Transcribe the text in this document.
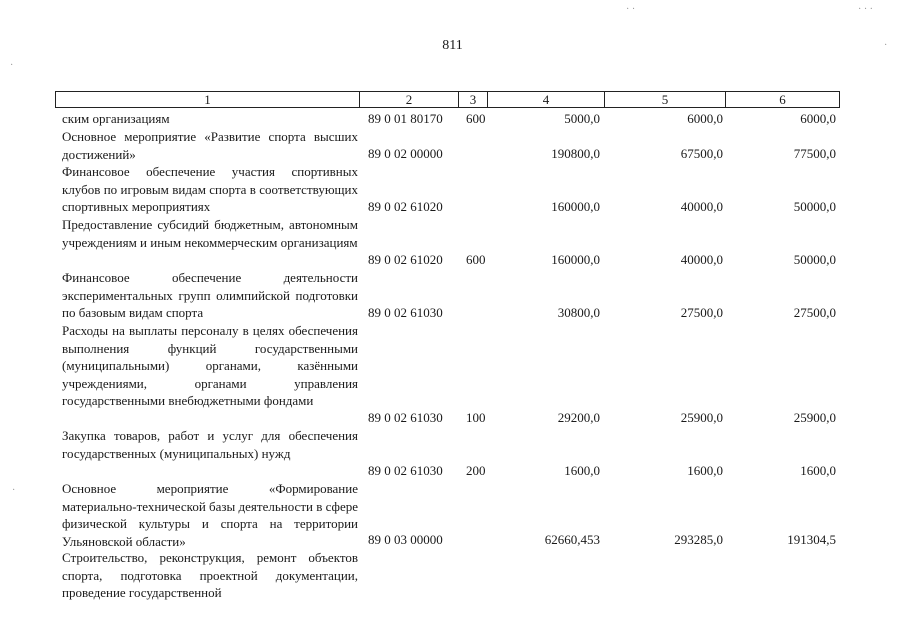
811
1	2	3	4	5	6
ским организациям	89 0 01 80170 600	5000,0	6000,0	6000,0
Основное мероприятие «Развитие спорта высших достижений»	89 0 02 00000	190800,0	67500,0	77500,0
Финансовое обеспечение участия спортивных клубов по игровым видам спорта в соответствующих спортивных мероприятиях	89 0 02 61020	160000,0	40000,0	50000,0
Предоставление субсидий бюджетным, автономным учреждениям и иным некоммерческим организациям
89 0 02 61020 600	160000,0	40000,0	50000,0
Финансовое обеспечение деятельности экспериментальных групп олимпийской подготовки по базовым видам спорта	89 0 02 61030	30800,0	27500,0	27500,0
Расходы на выплаты персоналу в целях обеспечения выполнения функций государственными (муниципальными) органами, казёнными учреждениями, органами управления государственными внебюджетными фондами
89 0 02 61030 100	29200,0	25900,0	25900,0
Закупка товаров, работ и услуг для обеспечения государственных (муниципальных) нужд
89 0 02 61030 200	1600,0	1600,0	1600,0
Основное мероприятие «Формирование материально-технической базы деятельности в сфере физической культуры и спорта на территории Ульяновской области»	89 0 03 00000	62660,453	293285,0	191304,5
Строительство, реконструкция, ремонт объектов спорта, подготовка проектной документации, проведение государственной
· ·	· · ·
·
·
·
